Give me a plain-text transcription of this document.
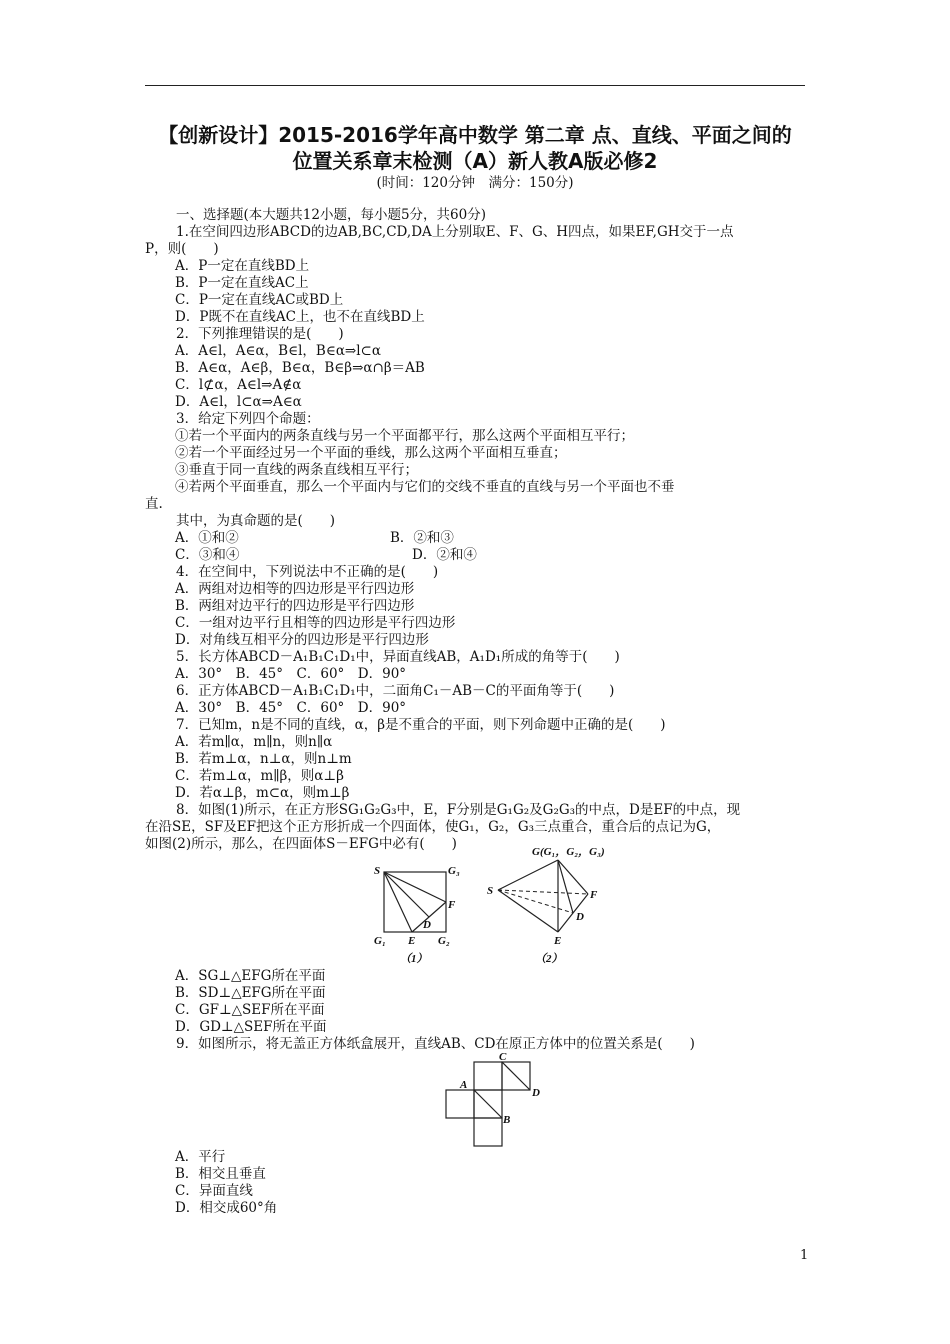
【创新设计】2015-2016学年高中数学 第二章 点、直线、平面之间的
位置关系章末检测（A）新人教A版必修2
(时间：120分钟　满分：150分)
一、选择题(本大题共12小题，每小题5分，共60分)
1.在空间四边形ABCD的边AB,BC,CD,DA上分别取E、F、G、H四点，如果EF,GH交于一点
P，则(　　)
A．P一定在直线BD上
B．P一定在直线AC上
C．P一定在直线AC或BD上
D．P既不在直线AC上，也不在直线BD上
2．下列推理错误的是(　　)
A．A∈l，A∈α，B∈l，B∈α⇒l⊂α
B．A∈α，A∈β，B∈α，B∈β⇒α∩β＝AB
C．l⊄α，A∈l⇒A∉α
D．A∈l，l⊂α⇒A∈α
3．给定下列四个命题：
①若一个平面内的两条直线与另一个平面都平行，那么这两个平面相互平行；
②若一个平面经过另一个平面的垂线，那么这两个平面相互垂直；
③垂直于同一直线的两条直线相互平行；
④若两个平面垂直，那么一个平面内与它们的交线不垂直的直线与另一个平面也不垂
直.
其中，为真命题的是(　　)
A．①和②	B．②和③
C．③和④	D．②和④
4．在空间中，下列说法中不正确的是(　　)
A．两组对边相等的四边形是平行四边形
B．两组对边平行的四边形是平行四边形
C．一组对边平行且相等的四边形是平行四边形
D．对角线互相平分的四边形是平行四边形
5．长方体ABCD－A₁B₁C₁D₁中，异面直线AB，A₁D₁所成的角等于(　　)
A．30°　B．45°　C．60°　D．90°
6．正方体ABCD－A₁B₁C₁D₁中，二面角C₁－AB－C的平面角等于(　　)
A．30°　B．45°　C．60°　D．90°
7．已知m，n是不同的直线，α，β是不重合的平面，则下列命题中正确的是(　　)
A．若m∥α，m∥n，则n∥α
B．若m⊥α，n⊥α，则n⊥m
C．若m⊥α，m∥β，则α⊥β
D．若α⊥β，m⊂α，则m⊥β
8．如图(1)所示，在正方形SG₁G₂G₃中，E，F分别是G₁G₂及G₂G₃的中点，D是EF的中点，现
在沿SE，SF及EF把这个正方形折成一个四面体，使G₁，G₂，G₃三点重合，重合后的点记为G，
如图(2)所示，那么，在四面体S－EFG中必有(　　)
S	G₃
F
D
G₁ E G₂
G(G₁，G₂，G₃)
S	F
D
E
（1）	（2）
A．SG⊥△EFG所在平面
B．SD⊥△EFG所在平面
C．GF⊥△SEF所在平面
D．GD⊥△SEF所在平面
9．如图所示，将无盖正方体纸盒展开，直线AB、CD在原正方体中的位置关系是(　　)
A
C
D
B
A．平行
B．相交且垂直
C．异面直线
D．相交成60°角
1
